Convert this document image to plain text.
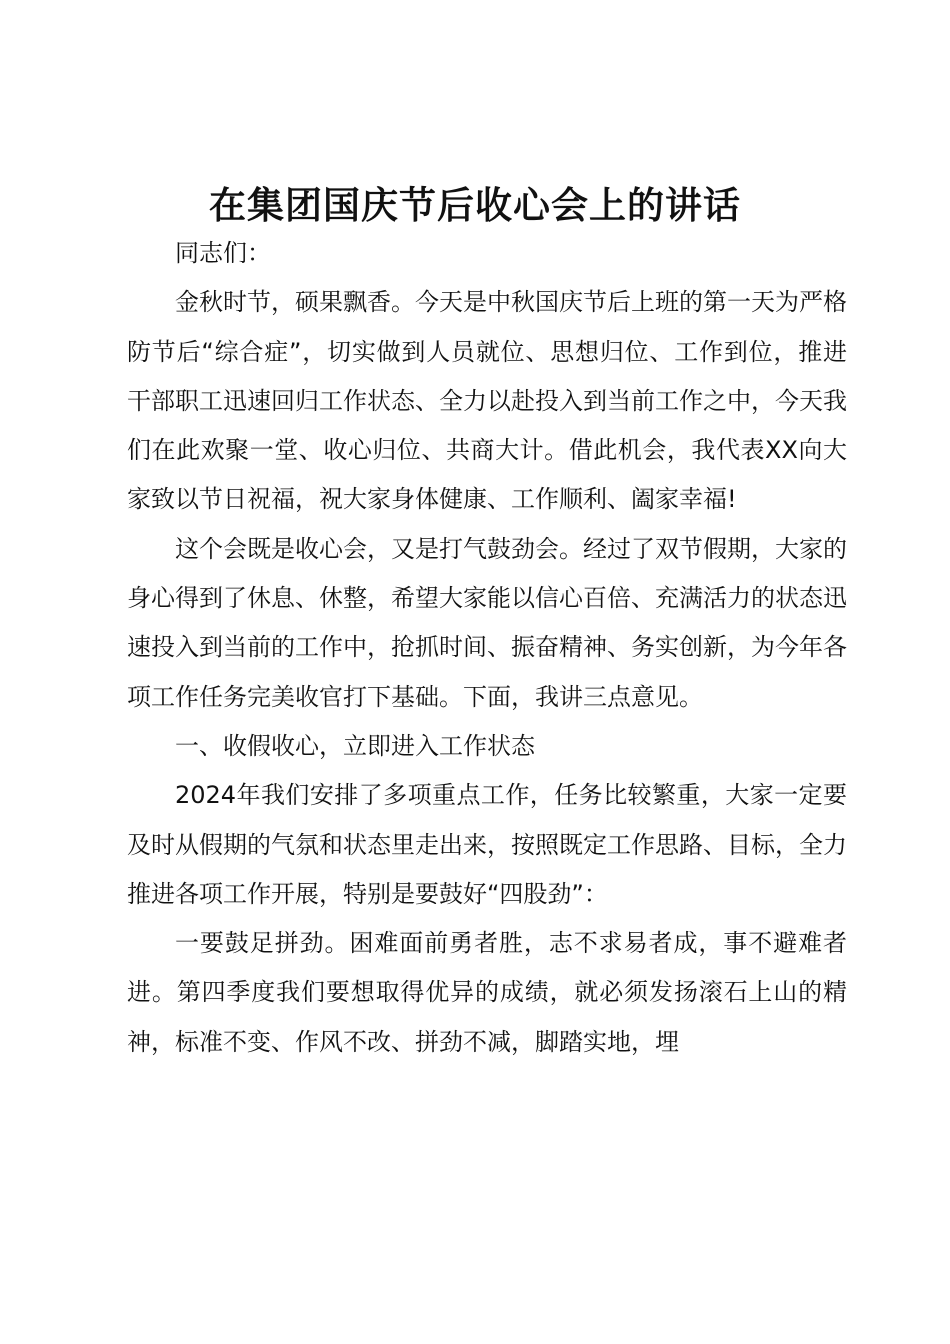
在集团国庆节后收心会上的讲话

同志们：

金秋时节，硕果飘香。今天是中秋国庆节后上班的第一天为严格防节后“综合症”，切实做到人员就位、思想归位、工作到位，推进干部职工迅速回归工作状态、全力以赴投入到当前工作之中，今天我们在此欢聚一堂、收心归位、共商大计。借此机会，我代表XX向大家致以节日祝福，祝大家身体健康、工作顺利、阖家幸福!

这个会既是收心会，又是打气鼓劲会。经过了双节假期，大家的身心得到了休息、休整，希望大家能以信心百倍、充满活力的状态迅速投入到当前的工作中，抢抓时间、振奋精神、务实创新，为今年各项工作任务完美收官打下基础。下面，我讲三点意见。

一、收假收心，立即进入工作状态

2024年我们安排了多项重点工作，任务比较繁重，大家一定要及时从假期的气氛和状态里走出来，按照既定工作思路、目标，全力推进各项工作开展，特别是要鼓好“四股劲”：

一要鼓足拼劲。困难面前勇者胜，志不求易者成，事不避难者进。第四季度我们要想取得优异的成绩，就必须发扬滚石上山的精神，标准不变、作风不改、拼劲不减，脚踏实地，埋
